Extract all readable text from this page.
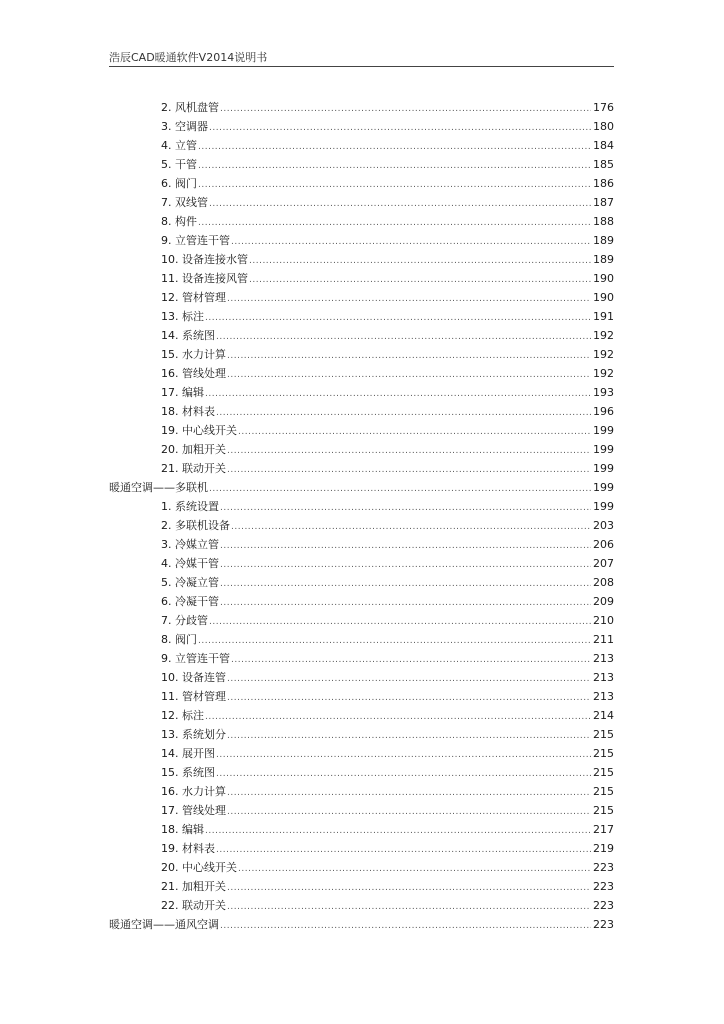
浩辰CAD暖通软件V2014说明书
2. 风机盘管 .....	176
3. 空调器 .....	180
4. 立管 .....	184
5. 干管 .....	185
6. 阀门 .....	186
7. 双线管 .....	187
8. 构件 .....	188
9. 立管连干管 .....	189
10. 设备连接水管 .....	189
11. 设备连接风管 .....	190
12. 管材管理 .....	190
13. 标注 .....	191
14. 系统图 .....	192
15. 水力计算 .....	192
16. 管线处理 .....	192
17. 编辑 .....	193
18. 材料表 .....	196
19. 中心线开关 .....	199
20. 加粗开关 .....	199
21. 联动开关 .....	199
暖通空调——多联机 .....	199
1. 系统设置 .....	199
2. 多联机设备 .....	203
3. 冷媒立管 .....	206
4. 冷媒干管 .....	207
5. 冷凝立管 .....	208
6. 冷凝干管 .....	209
7. 分歧管 .....	210
8. 阀门 .....	211
9. 立管连干管 .....	213
10. 设备连管 .....	213
11. 管材管理 .....	213
12. 标注 .....	214
13. 系统划分 .....	215
14. 展开图 .....	215
15. 系统图 .....	215
16. 水力计算 .....	215
17. 管线处理 .....	215
18. 编辑 .....	217
19. 材料表 .....	219
20. 中心线开关 .....	223
21. 加粗开关 .....	223
22. 联动开关 .....	223
暖通空调——通风空调 .....	223
